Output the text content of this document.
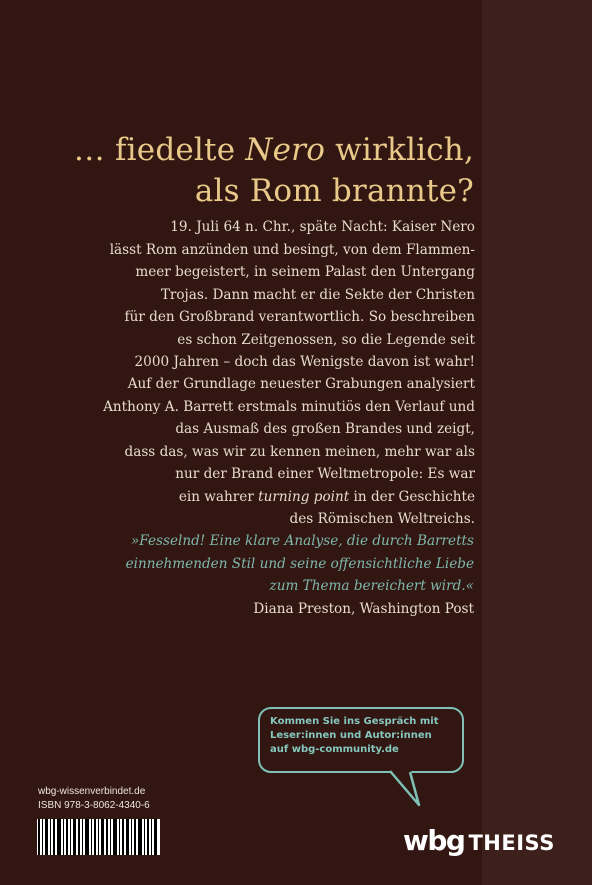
… fiedelte Nero wirklich,
als Rom brannte?
19. Juli 64 n. Chr., späte Nacht: Kaiser Nero
lässt Rom anzünden und besingt, von dem Flammen-
meer begeistert, in seinem Palast den Untergang
Trojas. Dann macht er die Sekte der Christen
für den Großbrand verantwortlich. So beschreiben
es schon Zeitgenossen, so die Legende seit
2000 Jahren – doch das Wenigste davon ist wahr!
Auf der Grundlage neuester Grabungen analysiert
Anthony A. Barrett erstmals minutiös den Verlauf und
das Ausmaß des großen Brandes und zeigt,
dass das, was wir zu kennen meinen, mehr war als
nur der Brand einer Weltmetropole: Es war
ein wahrer turning point in der Geschichte
des Römischen Weltreichs.
»Fesselnd! Eine klare Analyse, die durch Barretts
einnehmenden Stil und seine offensichtliche Liebe
zum Thema bereichert wird.«
Diana Preston, Washington Post
Kommen Sie ins Gespräch mit
Leser:innen und Autor:innen
auf wbg-community.de
wbg-wissenverbindet.de
ISBN 978-3-8062-4340-6
wbg THEISS
